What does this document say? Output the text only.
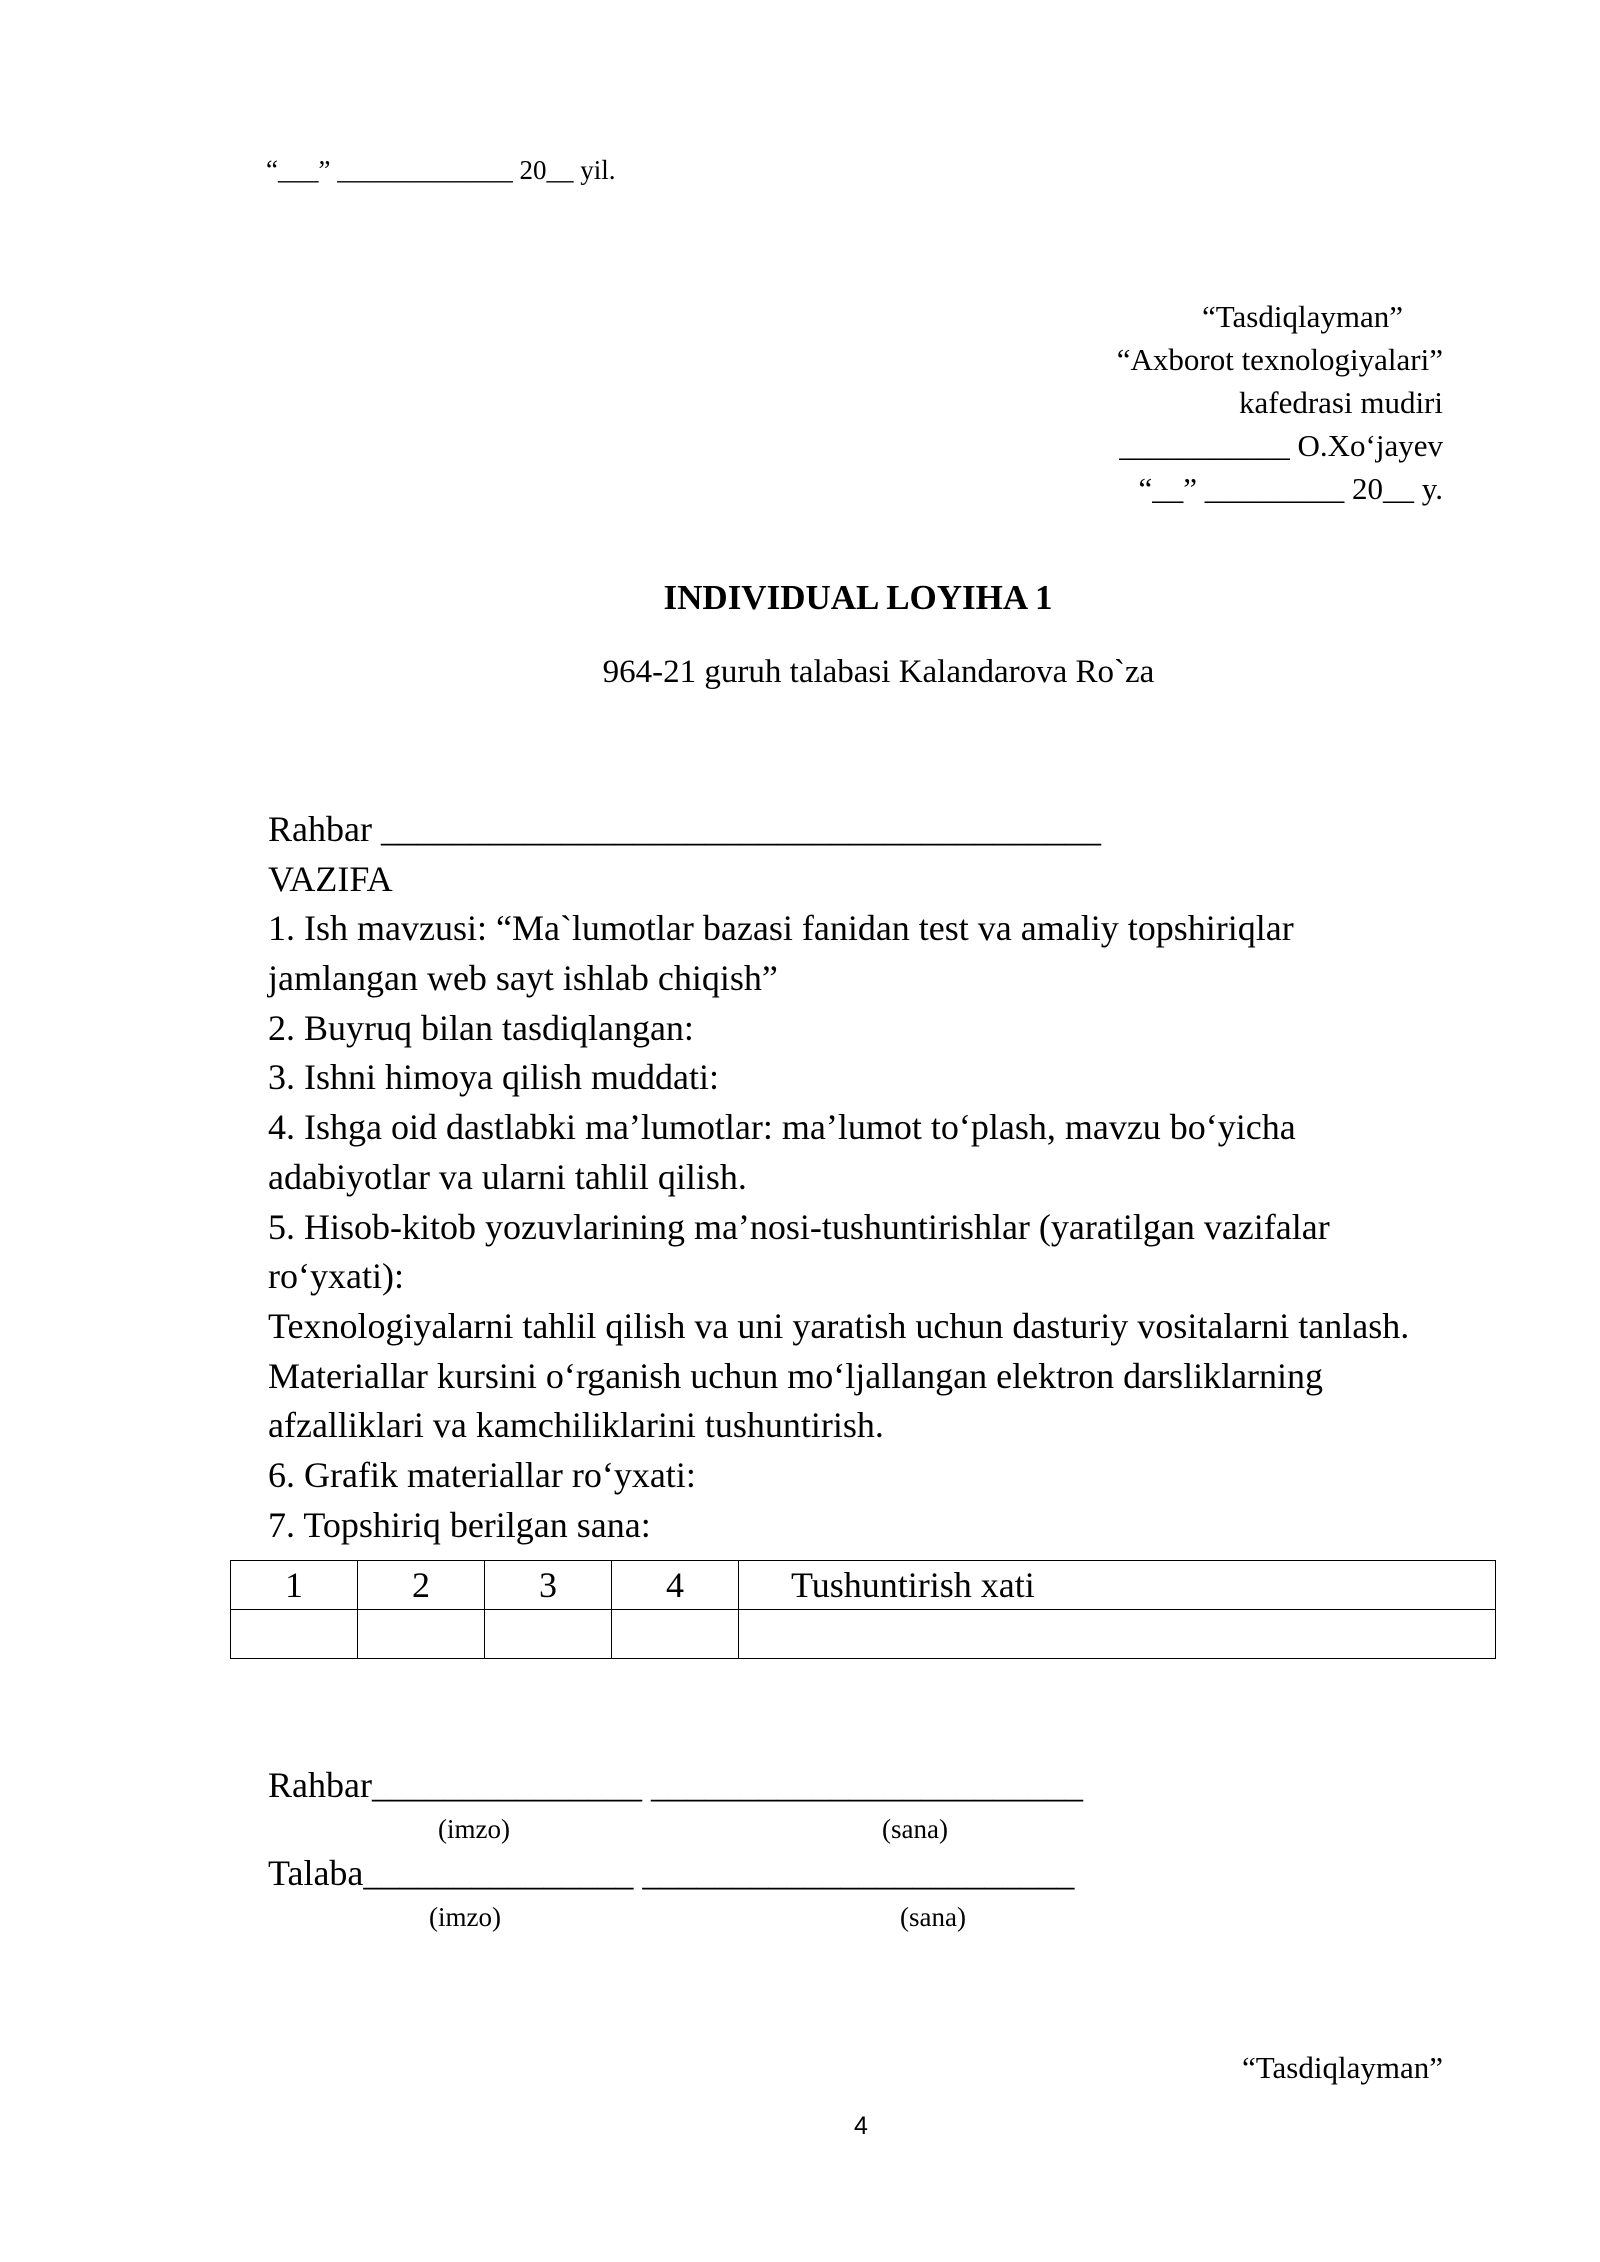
“___” _____________ 20__ yil.
“Tasdiqlayman”
“Axborot texnologiyalari”
kafedrasi mudiri
___________ O.Xo‘jayev
“__” _________ 20__ y.
INDIVIDUAL LOYIHA 1
964-21 guruh talabasi Kalandarova Ro`za
Rahbar ________________________________________
VAZIFA
1. Ish mavzusi: “Ma`lumotlar bazasi fanidan test va amaliy topshiriqlar
jamlangan web sayt ishlab chiqish”
2. Buyruq bilan tasdiqlangan:
3. Ishni himoya qilish muddati:
4. Ishga oid dastlabki ma’lumotlar: ma’lumot to‘plash, mavzu bo‘yicha
adabiyotlar va ularni tahlil qilish.
5. Hisob-kitob yozuvlarining ma’nosi-tushuntirishlar (yaratilgan vazifalar
ro‘yxati):
Texnologiyalarni tahlil qilish va uni yaratish uchun dasturiy vositalarni tanlash.
Materiallar kursini o‘rganish uchun mo‘ljallangan elektron darsliklarning
afzalliklari va kamchiliklarini tushuntirish.
6. Grafik materiallar ro‘yxati:
7. Topshiriq berilgan sana:
1	2	3	4	Tushuntirish xati

Rahbar_______________ ________________________
(imzo)	(sana)
Talaba_______________ ________________________
(imzo)	(sana)
“Tasdiqlayman”
4
